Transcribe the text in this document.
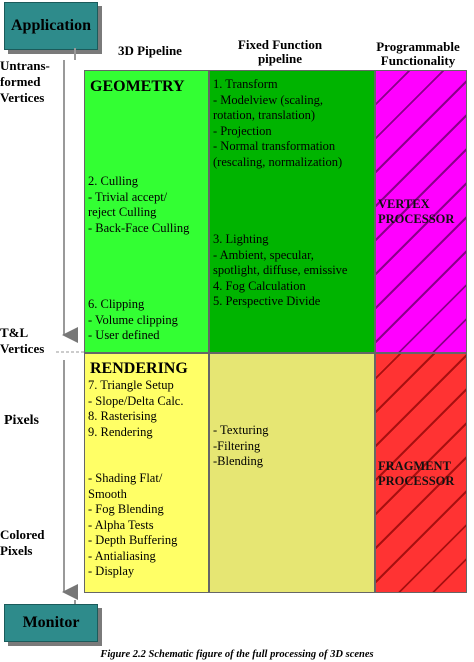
Application
3D Pipeline	Fixed Function
pipeline
Programmable
Functionality
Untrans-
formed
Vertices
T&L
Vertices
Pixels
Colored
Pixels
GEOMETRY
2. Culling
- Trivial accept/
reject Culling
- Back-Face Culling
6. Clipping
- Volume clipping
- User defined
1. Transform
- Modelview (scaling,
rotation, translation)
- Projection
- Normal transformation
(rescaling, normalization)
3. Lighting
- Ambient, specular,
spotlight, diffuse, emissive
4. Fog Calculation
5. Perspective Divide
VERTEX
PROCESSOR
RENDERING
7. Triangle Setup
- Slope/Delta Calc.
8. Rasterising
9. Rendering
- Shading Flat/
Smooth
- Fog Blending
- Alpha Tests
- Depth Buffering
- Antialiasing
- Display
- Texturing
-Filtering
-Blending	FRAGMENT
PROCESSOR
Monitor
Figure 2.2 Schematic figure of the full processing of 3D scenes
